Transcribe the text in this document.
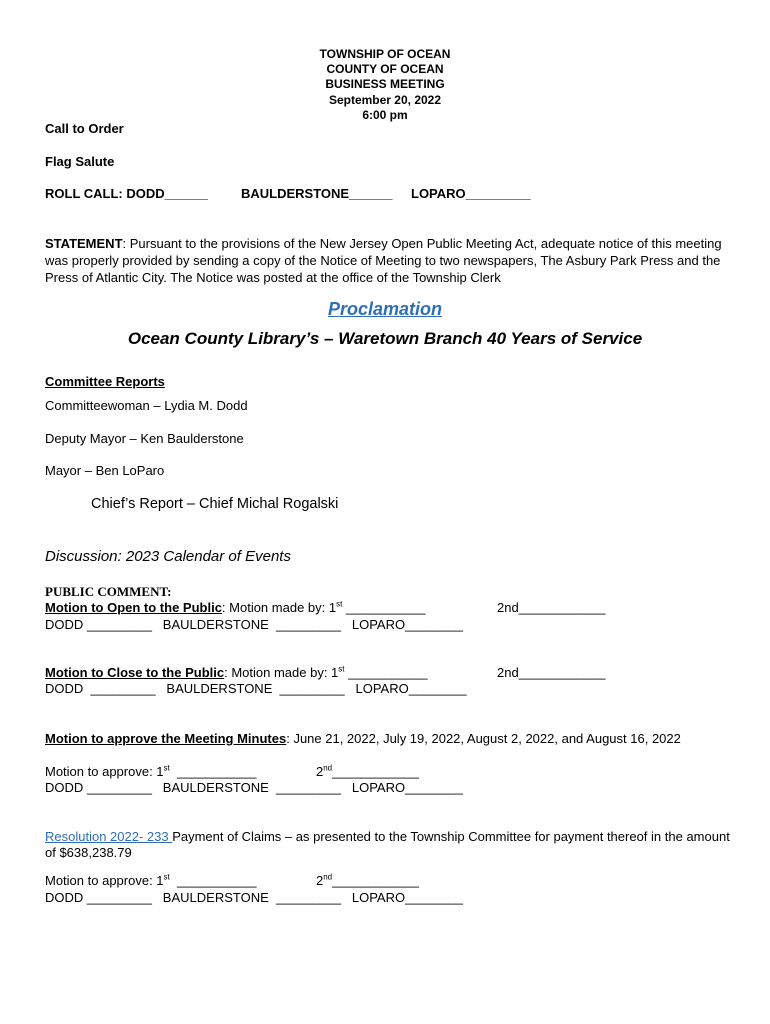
TOWNSHIP OF OCEAN
COUNTY OF OCEAN
BUSINESS MEETING
September 20, 2022
6:00 pm
Call to Order
Flag Salute
ROLL CALL: DODD______	BAULDERSTONE______ LOPARO_________
STATEMENT: Pursuant to the provisions of the New Jersey Open Public Meeting Act, adequate notice of this meeting was properly provided by sending a copy of the Notice of Meeting to two newspapers, The Asbury Park Press and the Press of Atlantic City. The Notice was posted at the office of the Township Clerk
Proclamation
Ocean County Library’s – Waretown Branch 40 Years of Service
Committee Reports
Committeewoman – Lydia M. Dodd
Deputy Mayor – Ken Baulderstone
Mayor – Ben LoParo
Chief’s Report – Chief Michal Rogalski
Discussion: 2023 Calendar of Events
PUBLIC COMMENT:
Motion to Open to the Public: Motion made by: 1st ___________	2nd____________
DODD _________   BAULDERSTONE  _________   LOPARO________
Motion to Close to the Public: Motion made by: 1st ___________	2nd____________
DODD  _________   BAULDERSTONE  _________   LOPARO________
Motion to approve the Meeting Minutes: June 21, 2022, July 19, 2022, August 2, 2022, and August 16, 2022
Motion to approve: 1st  ___________	2nd____________
DODD _________   BAULDERSTONE  _________   LOPARO________
Resolution 2022- 233 Payment of Claims – as presented to the Township Committee for payment thereof in the amount of $638,238.79
Motion to approve: 1st  ___________	2nd____________
DODD _________   BAULDERSTONE  _________   LOPARO________
